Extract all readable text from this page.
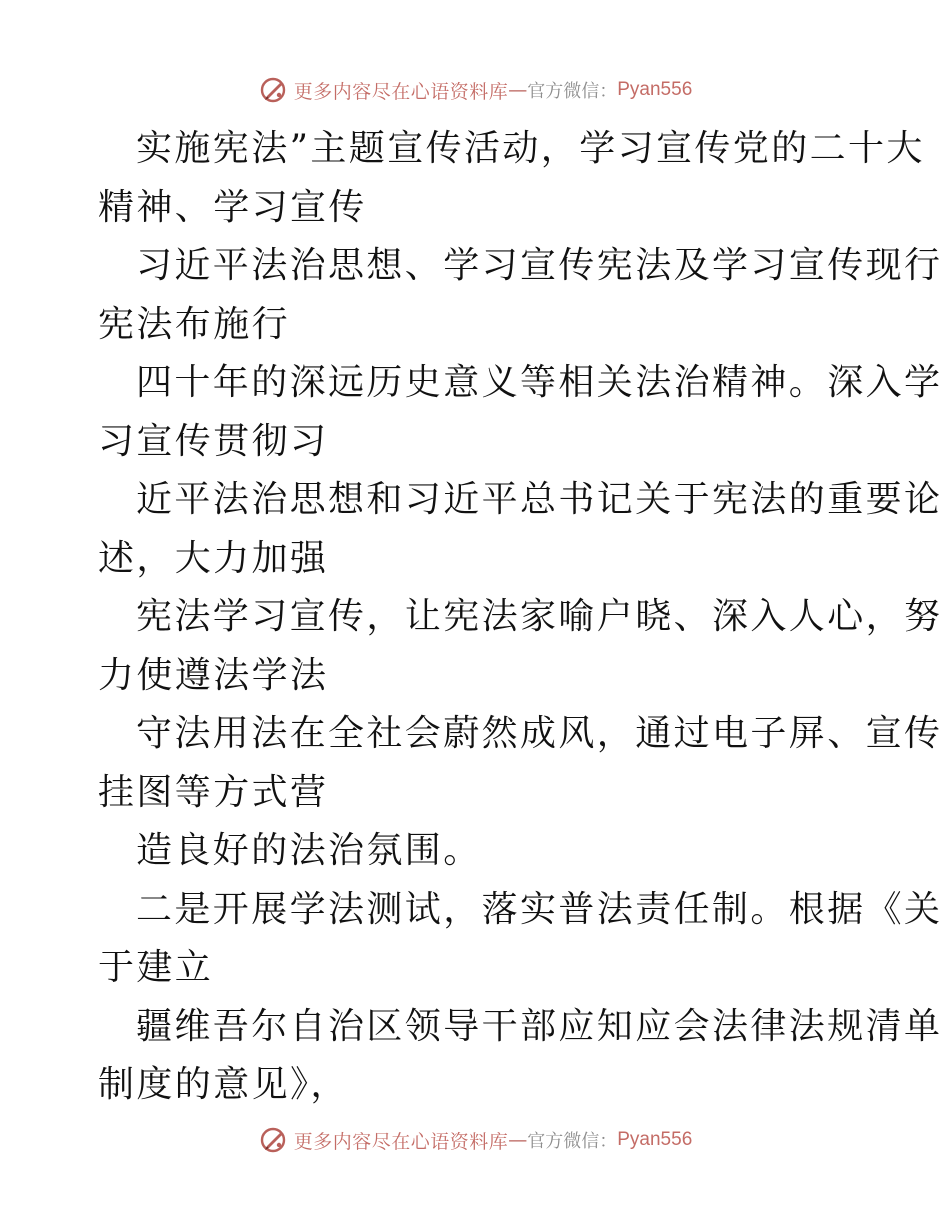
更多内容尽在心语资料库 — 官方微信： Pyan556
实施宪法”主题宣传活动，学习宣传党的二十大
精神、学习宣传
习近平法治思想、学习宣传宪法及学习宣传现行
宪法布施行
四十年的深远历史意义等相关法治精神。深入学
习宣传贯彻习
近平法治思想和习近平总书记关于宪法的重要论
述，大力加强
宪法学习宣传，让宪法家喻户晓、深入人心，努
力使遵法学法
守法用法在全社会蔚然成风，通过电子屏、宣传
挂图等方式营
造良好的法治氛围。
二是开展学法测试，落实普法责任制。根据《关
于建立
疆维吾尔自治区领导干部应知应会法律法规清单
制度的意见》，
更多内容尽在心语资料库 — 官方微信： Pyan556
